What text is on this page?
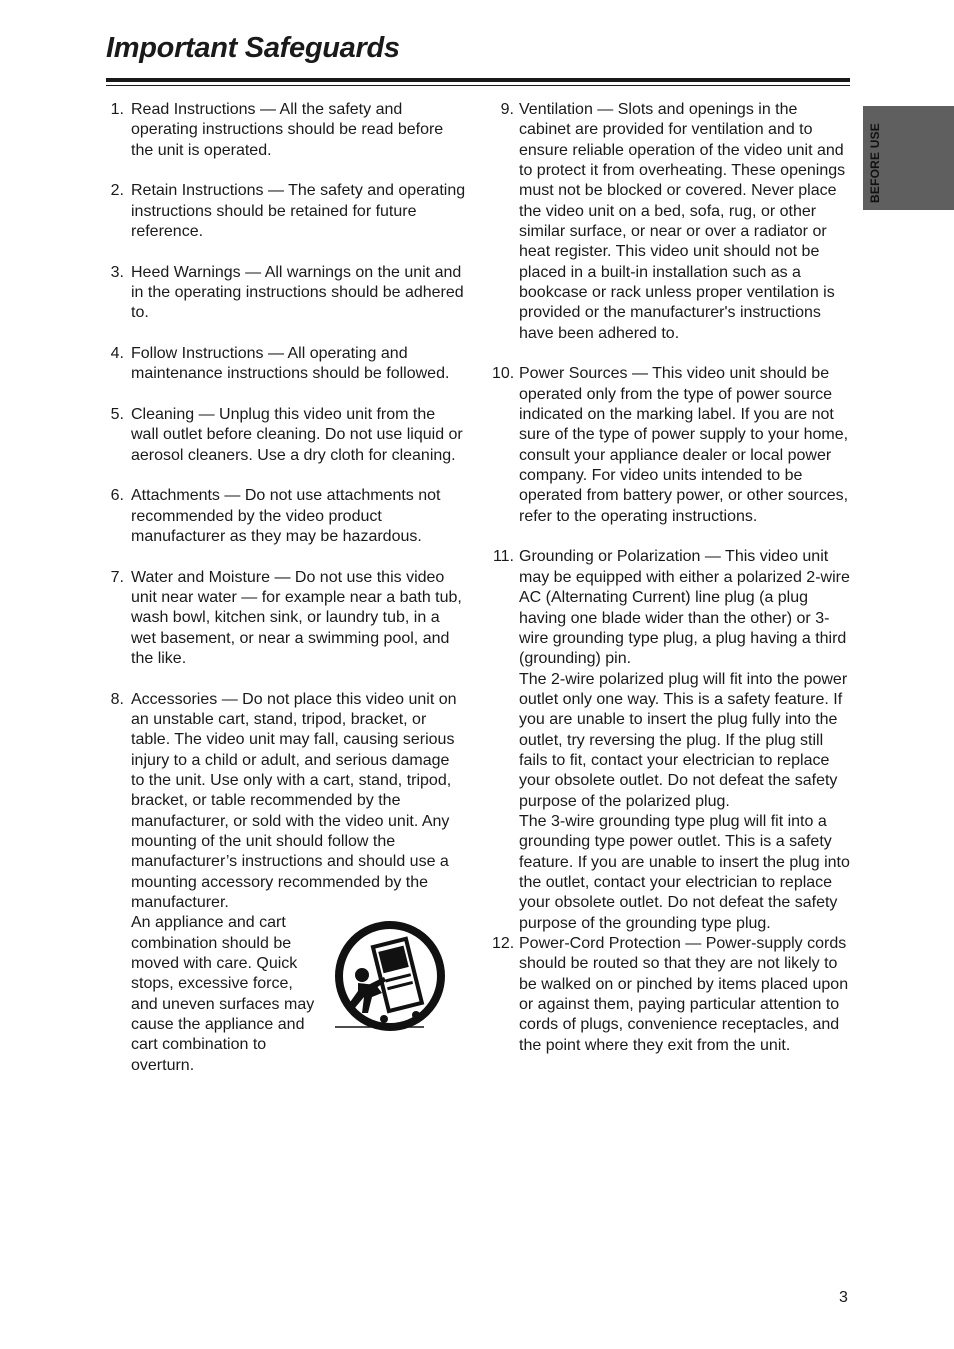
Important Safeguards
BEFORE USE
1. Read Instructions — All the safety and operating instructions should be read before the unit is operated.
2. Retain Instructions — The safety and operating instructions should be retained for future reference.
3. Heed Warnings — All warnings on the unit and in the operating instructions should be adhered to.
4. Follow Instructions — All operating and maintenance instructions should be followed.
5. Cleaning — Unplug this video unit from the wall outlet before cleaning. Do not use liquid or aerosol cleaners. Use a dry cloth for cleaning.
6. Attachments — Do not use attachments not recommended by the video product manufacturer as they may be hazardous.
7. Water and Moisture — Do not use this video unit near water — for example near a bath tub, wash bowl, kitchen sink, or laundry tub, in a wet basement, or near a swimming pool, and the like.
8. Accessories — Do not place this video unit on an unstable cart, stand, tripod, bracket, or table. The video unit may fall, causing serious injury to a child or adult, and serious damage to the unit. Use only with a cart, stand, tripod, bracket, or table recommended by the manufacturer, or sold with the video unit. Any mounting of the unit should follow the manufacturer’s instructions and should use a mounting accessory recommended by the manufacturer.
An appliance and cart combination should be moved with care. Quick stops, excessive force, and uneven surfaces may cause the appliance and cart combination to overturn.
9. Ventilation — Slots and openings in the cabinet are provided for ventilation and to ensure reliable operation of the video unit and to protect it from overheating. These openings must not be blocked or covered. Never place the video unit on a bed, sofa, rug, or other similar surface, or near or over a radiator or heat register. This video unit should not be placed in a built-in installation such as a bookcase or rack unless proper ventilation is provided or the manufacturer's instructions have been adhered to.
10. Power Sources — This video unit should be operated only from the type of power source indicated on the marking label. If you are not sure of the type of power supply to your home, consult your appliance dealer or local power company. For video units intended to be operated from battery power, or other sources, refer to the operating instructions.
11. Grounding or Polarization — This video unit may be equipped with either a polarized 2-wire AC (Alternating Current) line plug (a plug having one blade wider than the other) or 3-wire grounding type plug, a plug having a third (grounding) pin.
The 2-wire polarized plug will fit into the power outlet only one way. This is a safety feature. If you are unable to insert the plug fully into the outlet, try reversing the plug. If the plug still fails to fit, contact your electrician to replace your obsolete outlet. Do not defeat the safety purpose of the polarized plug.
The 3-wire grounding type plug will fit into a grounding type power outlet. This is a safety feature. If you are unable to insert the plug into the outlet, contact your electrician to replace your obsolete outlet. Do not defeat the safety purpose of the grounding type plug.
12. Power-Cord Protection — Power-supply cords should be routed so that they are not likely to be walked on or pinched by items placed upon or against them, paying particular attention to cords of plugs, convenience receptacles, and the point where they exit from the unit.
3
